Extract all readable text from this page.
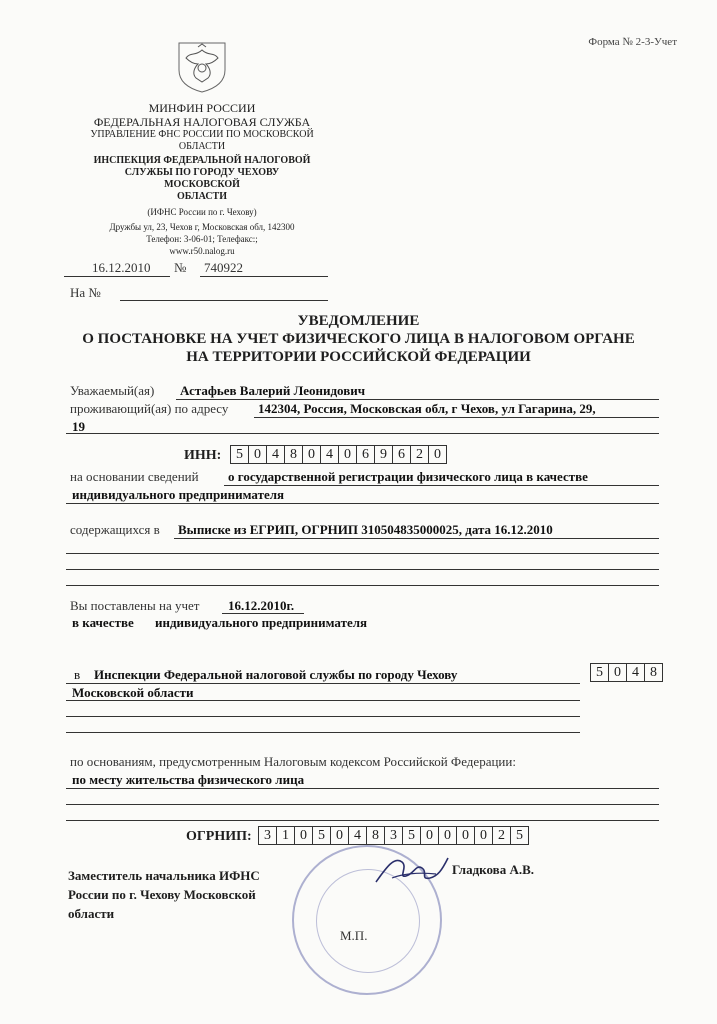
Форма № 2-3-Учет
МИНФИН РОССИИ
ФЕДЕРАЛЬНАЯ НАЛОГОВАЯ СЛУЖБА
УПРАВЛЕНИЕ ФНС РОССИИ ПО МОСКОВСКОЙ
ОБЛАСТИ
ИНСПЕКЦИЯ ФЕДЕРАЛЬНОЙ НАЛОГОВОЙ
СЛУЖБЫ ПО ГОРОДУ ЧЕХОВУ МОСКОВСКОЙ
ОБЛАСТИ
(ИФНС России по г. Чехову)
Дружбы ул, 23, Чехов г, Московская обл, 142300
Телефон: 3-06-01; Телефакс:;
www.r50.nalog.ru
16.12.2010 № 740922
На №
УВЕДОМЛЕНИЕ
О ПОСТАНОВКЕ НА УЧЕТ ФИЗИЧЕСКОГО ЛИЦА В НАЛОГОВОМ ОРГАНЕ
НА ТЕРРИТОРИИ РОССИЙСКОЙ ФЕДЕРАЦИИ
Уважаемый(ая) Астафьев Валерий Леонидович
проживающий(ая) по адресу 142304, Россия, Московская обл, г Чехов, ул Гагарина, 29,
19
ИНН:	5 0 4 8 0 4 0 6 9 6 2 0
на основании сведений о государственной регистрации физического лица в качестве
индивидуального предпринимателя
содержащихся в Выписке из ЕГРИП, ОГРНИП 310504835000025, дата 16.12.2010
Вы поставлены на учет 16.12.2010г.
в качестве индивидуального предпринимателя
в Инспекции Федеральной налоговой службы по городу Чехову
Московской области
5 0 4 8
по основаниям, предусмотренным Налоговым кодексом Российской Федерации:
по месту жительства физического лица
ОГРНИП: 3 1 0 5 0 4 8 3 5 0 0 0 0 2 5
Заместитель начальника ИФНС
России по г. Чехову Московской
области
Гладкова А.В.
М.П.
